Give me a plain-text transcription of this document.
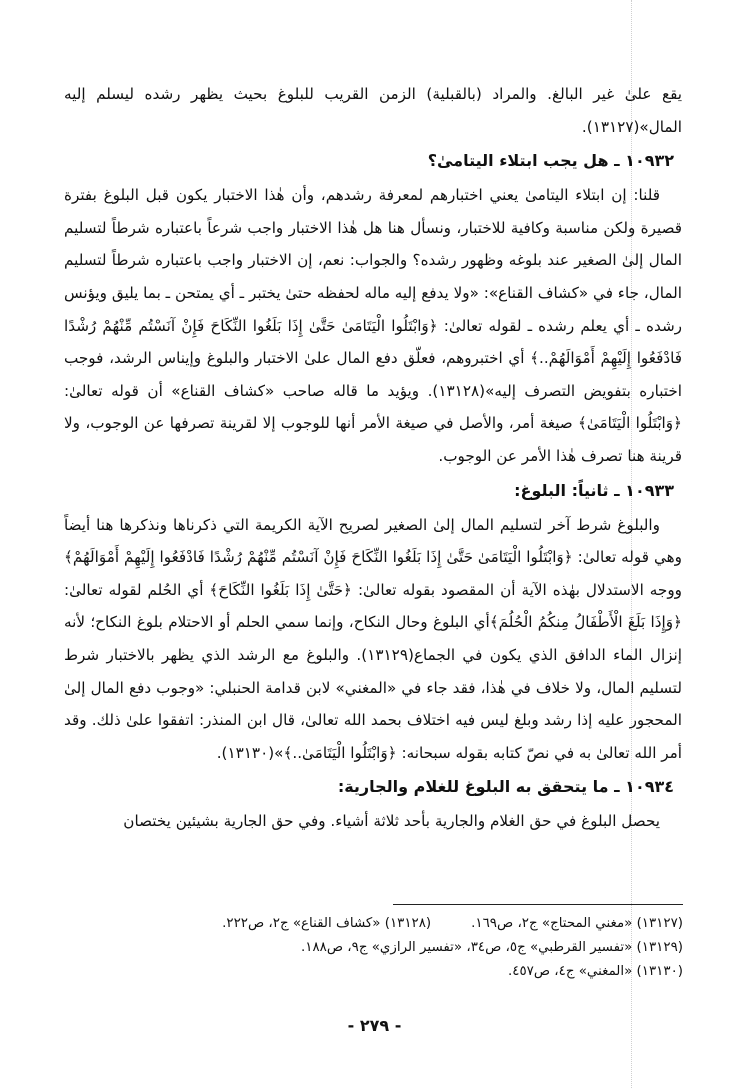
يقع علىٰ غير البالغ. والمراد (بالقبلية) الزمن القريب للبلوغ بحيث يظهر رشده ليسلم إليه المال»(١٣١٢٧).

١٠٩٣٢ ـ هل يجب ابتلاء اليتامىٰ؟

قلنا: إن ابتلاء اليتامىٰ يعني اختبارهم لمعرفة رشدهم، وأن هٰذا الاختبار يكون قبل البلوغ بفترة قصيرة ولكن مناسبة وكافية للاختبار، ونسأل هنا هل هٰذا الاختبار واجب شرعاً باعتباره شرطاً لتسليم المال إلىٰ الصغير عند بلوغه وظهور رشده؟ والجواب: نعم، إن الاختبار واجب باعتباره شرطاً لتسليم المال، جاء في «كشاف القناع»: «ولا يدفع إليه ماله لحفظه حتىٰ يختبر ـ أي يمتحن ـ بما يليق ويؤنس رشده ـ أي يعلم رشده ـ لقوله تعالىٰ: ﴿وَابْتَلُوا الْيَتَامَىٰ حَتَّىٰ إِذَا بَلَغُوا النِّكَاحَ فَإِنْ آنَسْتُم مِّنْهُمْ رُشْدًا فَادْفَعُوا إِلَيْهِمْ أَمْوَالَهُمْ..﴾ أي اختبروهم، فعلّق دفع المال علىٰ الاختبار والبلوغ وإيناس الرشد، فوجب اختباره بتفويض التصرف إليه»(١٣١٢٨). ويؤيد ما قاله صاحب «كشاف القناع» أن قوله تعالىٰ: ﴿وَابْتَلُوا الْيَتَامَىٰ﴾ صيغة أمر، والأصل في صيغة الأمر أنها للوجوب إلا لقرينة تصرفها عن الوجوب، ولا قرينة هنا تصرف هٰذا الأمر عن الوجوب.

١٠٩٣٣ ـ ثانياً: البلوغ:

والبلوغ شرط آخر لتسليم المال إلىٰ الصغير لصريح الآية الكريمة التي ذكرناها ونذكرها هنا أيضاً وهي قوله تعالىٰ: ﴿وَابْتَلُوا الْيَتَامَىٰ حَتَّىٰ إِذَا بَلَغُوا النِّكَاحَ فَإِنْ آنَسْتُم مِّنْهُمْ رُشْدًا فَادْفَعُوا إِلَيْهِمْ أَمْوَالَهُمْ﴾ ووجه الاستدلال بهٰذه الآية أن المقصود بقوله تعالىٰ: ﴿حَتَّىٰ إِذَا بَلَغُوا النِّكَاحَ﴾ أي الحُلم لقوله تعالىٰ: ﴿وَإِذَا بَلَغَ الْأَطْفَالُ مِنكُمُ الْحُلُمَ﴾أي البلوغ وحال النكاح، وإنما سمي الحلم أو الاحتلام بلوغ النكاح؛ لأنه إنزال الماء الدافق الذي يكون في الجماع(١٣١٢٩). والبلوغ مع الرشد الذي يظهر بالاختبار شرط لتسليم المال، ولا خلاف في هٰذا، فقد جاء في «المغني» لابن قدامة الحنبلي: «وجوب دفع المال إلىٰ المحجور عليه إذا رشد وبلغ ليس فيه اختلاف بحمد الله تعالىٰ، قال ابن المنذر: اتفقوا علىٰ ذلك. وقد أمر الله تعالىٰ به في نصّ كتابه بقوله سبحانه: ﴿وَابْتَلُوا الْيَتَامَىٰ..﴾»(١٣١٣٠).

١٠٩٣٤ ـ ما يتحقق به البلوغ للغلام والجارية:

يحصل البلوغ في حق الغلام والجارية بأحد ثلاثة أشياء. وفي حق الجارية بشيئين يختصان

(١٣١٢٧) «مغني المحتاج» ج٢، ص١٦٩.
(١٣١٢٨) «كشاف القناع» ج٢، ص٢٢٢.
(١٣١٢٩) «تفسير القرطبي» ج٥، ص٣٤، «تفسير الرازي» ج٩، ص١٨٨.
(١٣١٣٠) «المغني» ج٤، ص٤٥٧.
- ٢٧٩ -
